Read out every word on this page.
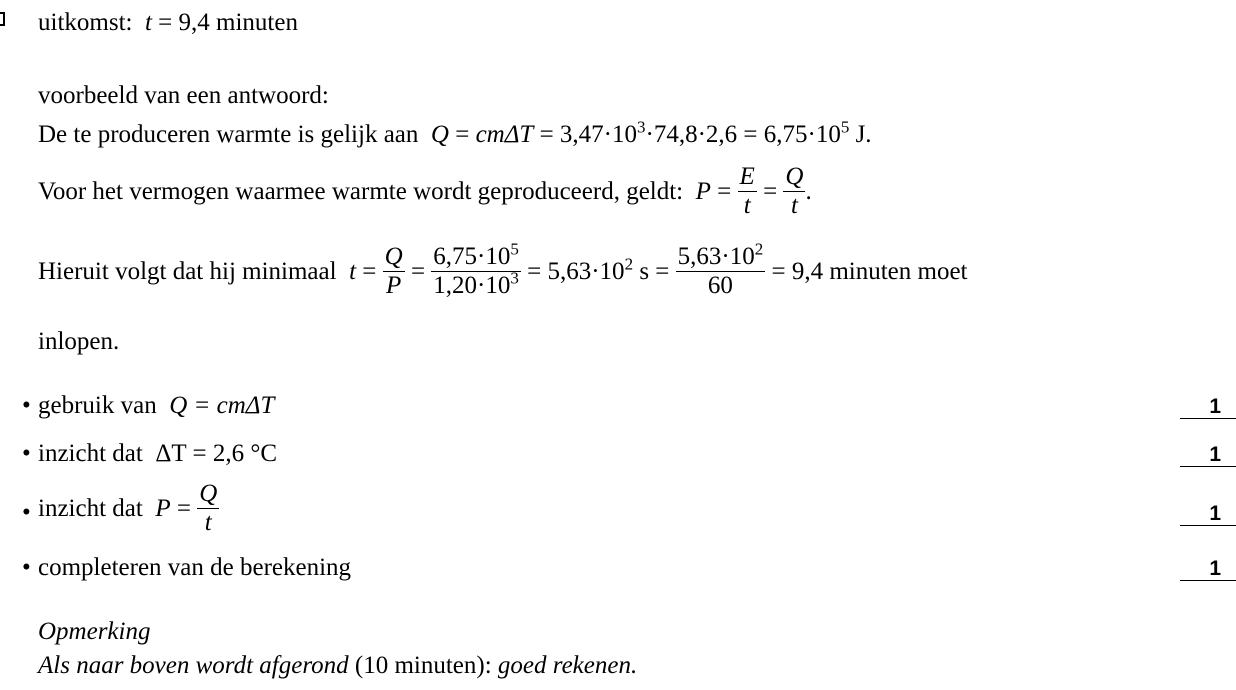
uitkomst: t = 9,4 minuten
voorbeeld van een antwoord:
De te produceren warmte is gelijk aan $Q = cm\Delta T = 3,47\cdot 10^3\cdot 74,8\cdot 2,6 = 6,75\cdot 10^5$ J.
Voor het vermogen waarmee warmte wordt geproduceerd, geldt: $P = \frac{E}{t} = \frac{Q}{t}$ .
Hieruit volgt dat hij minimaal $t = \frac{Q}{P} = \frac{6,75\cdot 10^5}{1,20\cdot 10^3} = 5,63\cdot 10^2$ $s = \frac{5,63\cdot 10^2}{60} = 9,4$ minuten moet
inlopen.
• gebruik van Q = cmΔT	1
• inzicht dat ΔT = 2,6 °C	1
• inzicht dat $P = \frac{Q}{t}$	1
• completeren van de berekening	1
Opmerking
Als naar boven wordt afgerond (10 minuten): goed rekenen.
